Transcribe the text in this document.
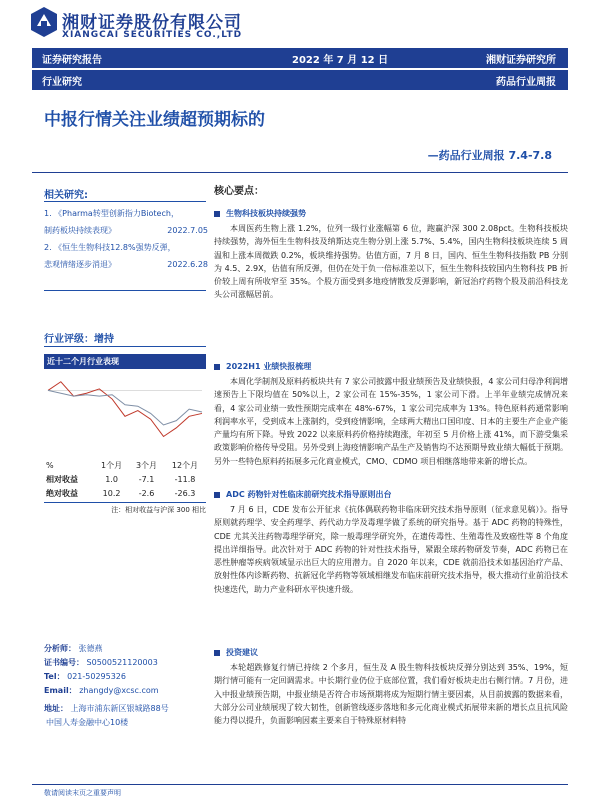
湘财证券股份有限公司
XIANGCAI SECURITIES CO.,LTD
证券研究报告	2022 年 7 月 12 日	湘财证券研究所
行业研究	药品行业周报
中报行情关注业绩超预期标的
—药品行业周报 7.4-7.8
相关研究:
1. 《Pharma转型创新指力Biotech，
制药板块持续表现》	2022.7.05
2. 《恒生生物科技12.8%强势反弹，
悲观情绪逐步消退》	2022.6.28
行业评级：增持
近十二个月行业表现
%	1个月	3个月	12个月
相对收益	1.0	-7.1	-11.8
绝对收益	10.2	-2.6	-26.3
注：相对收益与沪深 300 相比
分析师： 张德燕
证书编号： S0500521120003
Tel： 021-50295326
Email： zhangdy@xcsc.com
地址： 上海市浦东新区银城路88号
中国人寿金融中心10楼
核心要点：
生物科技板块持续强势
本周医药生物上涨 1.2%，位列一级行业涨幅第 6 位，跑赢沪深 300 2.08pct。生物科技板块持续强势，海外恒生生物科技及纳斯达克生物分别上涨 5.7%、5.4%，国内生物科技板块连续 5 周温和上涨本周微跌 0.2%，板块维持强势。估值方面，7 月 8 日，国内、恒生生物科技指数 PB 分别为 4.5、2.9X，估值有所反弹，但仍在处于负一倍标准差以下，恒生生物科技较国内生物科技 PB 折价较上周有所收窄至 35%。个股方面受到多地疫情散发反弹影响，新冠治疗药物个股及前沿科技龙头公司涨幅居前。
2022H1 业绩快报梳理
本周化学制剂及原料药板块共有 7 家公司披露中报业绩预告及业绩快报，4 家公司归母净利润增速预告上下限均值在 50%以上，2 家公司在 15%-35%，1 家公司下滑。上半年业绩完成情况来看，4 家公司业绩一致性预期完成率在 48%-67%，1 家公司完成率为 13%。特色原料药通常影响利润率水平，受到成本上涨制约，受到疫情影响，全球两大精出口国印度、日本的主要生产企业产能产量均有所下降。导致 2022 以来原料药价格持续跑涨，年初至 5 月价格上涨 41%，而下游受集采政策影响价格传导受阻。另外受到上海疫情影响产品生产及销售均不达预期导致业绩大幅低于预期。另外一些特色原料药拓展多元化商业模式，CMO、CDMO 项目相继落地带来新的增长点。
ADC 药物针对性临床前研究技术指导原则出台
7 月 6 日，CDE 发布公开征求《抗体偶联药物非临床研究技术指导原则（征求意见稿）》。指导原则就药理学、安全药理学、药代动力学及毒理学做了系统的研究指导。基于 ADC 药物的特殊性，CDE 尤其关注药物毒理学研究，除一般毒理学研究外，在遗传毒性、生殖毒性及致癌性等 8 个角度提出详细指导。此次针对于 ADC 药物的针对性技术指导，紧跟全球药物研发节奏，ADC 药物已在恶性肿瘤等疾病领域显示出巨大的应用潜力。自 2020 年以来，CDE 就前沿技术如基因治疗产品、放射性体内诊断药物、抗新冠化学药物等领域相继发布临床前研究技术指导，极大推动行业前沿技术快速迭代，助力产业科研水平快速升级。
投资建议
本轮超跌修复行情已持续 2 个多月，恒生及 A 股生物科技板块反弹分别达到 35%、19%，短期行情可能有一定回调需求。中长期行业仍位于底部位置，我们看好板块走出右侧行情。7 月份，进入中报业绩预告期，中报业绩是否符合市场预期将成为短期行情主要因素，从目前披露的数据来看，大部分公司业绩展现了较大韧性，创新管线逐步落地和多元化商业模式拓展带来新的增长点且抗风险能力得以提升，负面影响因素主要来自于特殊原材料特
敬请阅读末页之重要声明
